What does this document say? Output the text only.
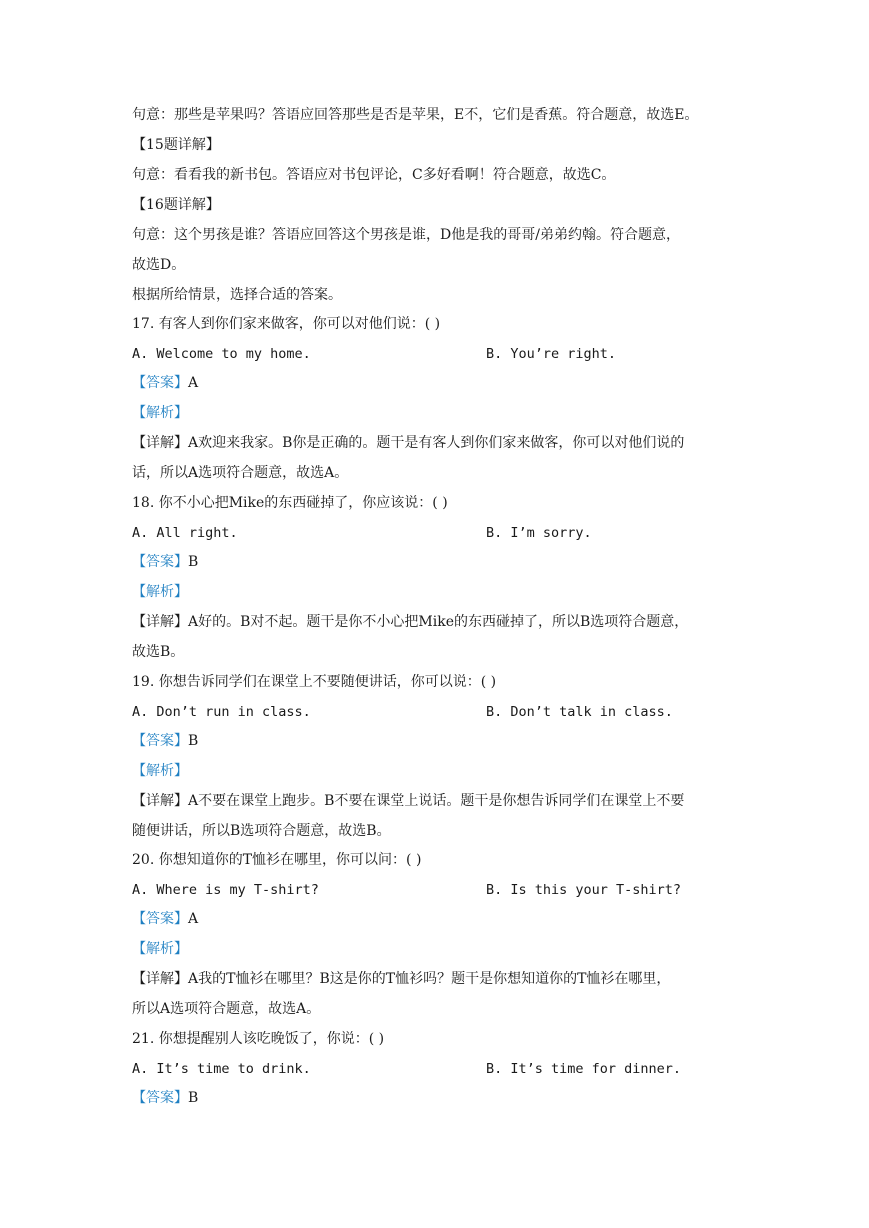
句意：那些是苹果吗？答语应回答那些是否是苹果，E不，它们是香蕉。符合题意，故选E。
【15题详解】
句意：看看我的新书包。答语应对书包评论，C多好看啊！符合题意，故选C。
【16题详解】
句意：这个男孩是谁？答语应回答这个男孩是谁，D他是我的哥哥/弟弟约翰。符合题意，
故选D。
根据所给情景，选择合适的答案。
17. 有客人到你们家来做客，你可以对他们说：( )
A. Welcome to my home.	B. You’re right.
【答案】A
【解析】
【详解】A欢迎来我家。B你是正确的。题干是有客人到你们家来做客，你可以对他们说的
话，所以A选项符合题意，故选A。
18. 你不小心把Mike的东西碰掉了，你应该说：( )
A. All right.	B. I’m sorry.
【答案】B
【解析】
【详解】A好的。B对不起。题干是你不小心把Mike的东西碰掉了，所以B选项符合题意，
故选B。
19. 你想告诉同学们在课堂上不要随便讲话，你可以说：( )
A. Don’t run in class.	B. Don’t talk in class.
【答案】B
【解析】
【详解】A不要在课堂上跑步。B不要在课堂上说话。题干是你想告诉同学们在课堂上不要
随便讲话，所以B选项符合题意，故选B。
20. 你想知道你的T恤衫在哪里，你可以问：( )
A. Where is my T-shirt?	B. Is this your T-shirt?
【答案】A
【解析】
【详解】A我的T恤衫在哪里？B这是你的T恤衫吗？题干是你想知道你的T恤衫在哪里，
所以A选项符合题意，故选A。
21. 你想提醒别人该吃晚饭了，你说：( )
A. It’s time to drink.	B. It’s time for dinner.
【答案】B
